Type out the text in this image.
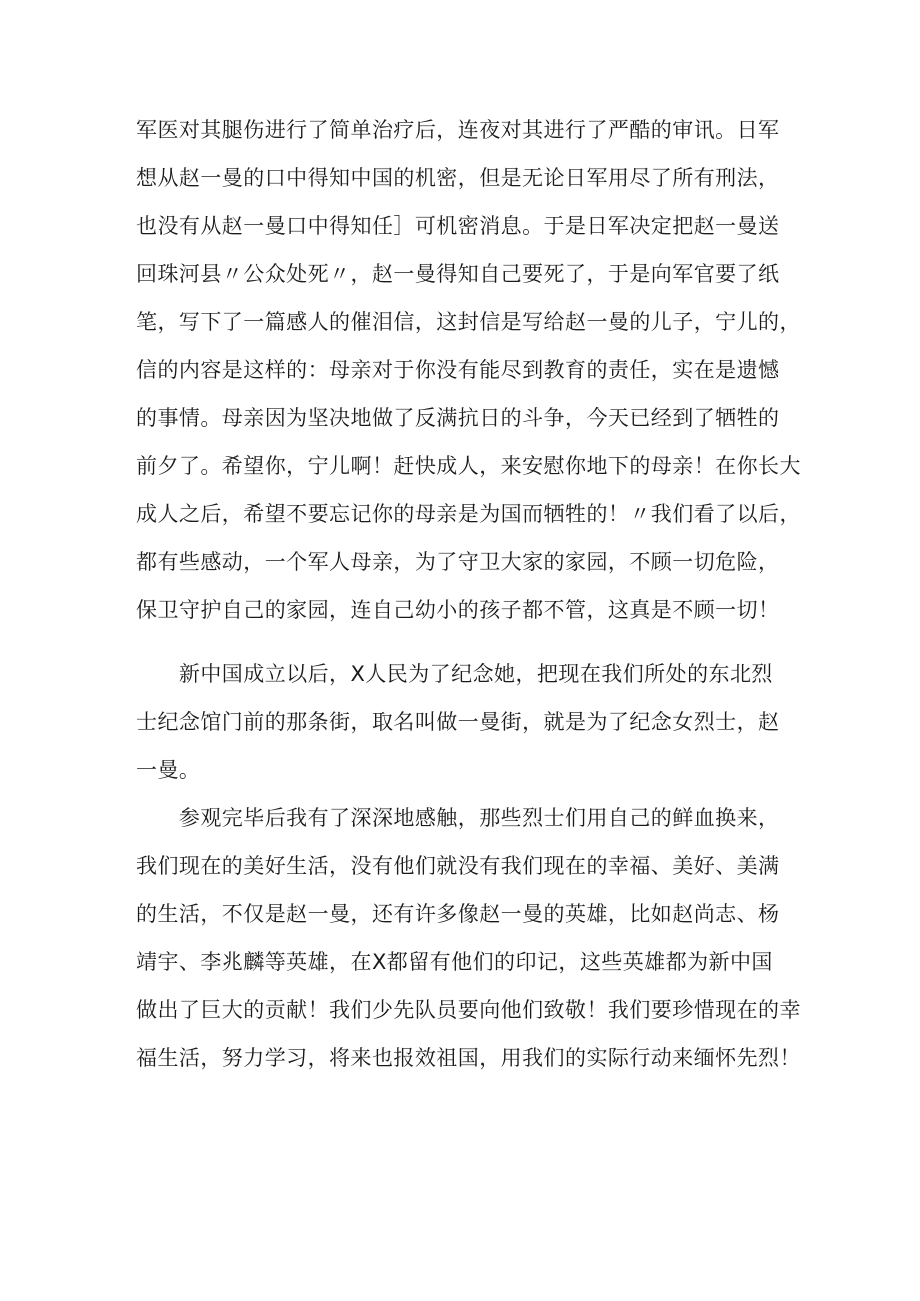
军医对其腿伤进行了简单治疗后，连夜对其进行了严酷的审讯。日军
想从赵一曼的口中得知中国的机密，但是无论日军用尽了所有刑法，
也没有从赵一曼口中得知任］可机密消息。于是日军决定把赵一曼送
回珠河县〃公众处死〃，赵一曼得知自己要死了，于是向军官要了纸
笔，写下了一篇感人的催泪信，这封信是写给赵一曼的儿子，宁儿的，
信的内容是这样的：母亲对于你没有能尽到教育的责任，实在是遗憾
的事情。母亲因为坚决地做了反满抗日的斗争，今天已经到了牺牲的
前夕了。希望你，宁儿啊！赶快成人，来安慰你地下的母亲！在你长大
成人之后，希望不要忘记你的母亲是为国而牺牲的！〃我们看了以后，
都有些感动，一个军人母亲，为了守卫大家的家园，不顾一切危险，
保卫守护自己的家园，连自己幼小的孩子都不管，这真是不顾一切！
　　新中国成立以后，X人民为了纪念她，把现在我们所处的东北烈
士纪念馆门前的那条街，取名叫做一曼街，就是为了纪念女烈士，赵
一曼。
　　参观完毕后我有了深深地感触，那些烈士们用自己的鲜血换来，
我们现在的美好生活，没有他们就没有我们现在的幸福、美好、美满
的生活，不仅是赵一曼，还有许多像赵一曼的英雄，比如赵尚志、杨
靖宇、李兆麟等英雄，在X都留有他们的印记，这些英雄都为新中国
做出了巨大的贡献！我们少先队员要向他们致敬！我们要珍惜现在的幸
福生活，努力学习，将来也报效祖国，用我们的实际行动来缅怀先烈！
